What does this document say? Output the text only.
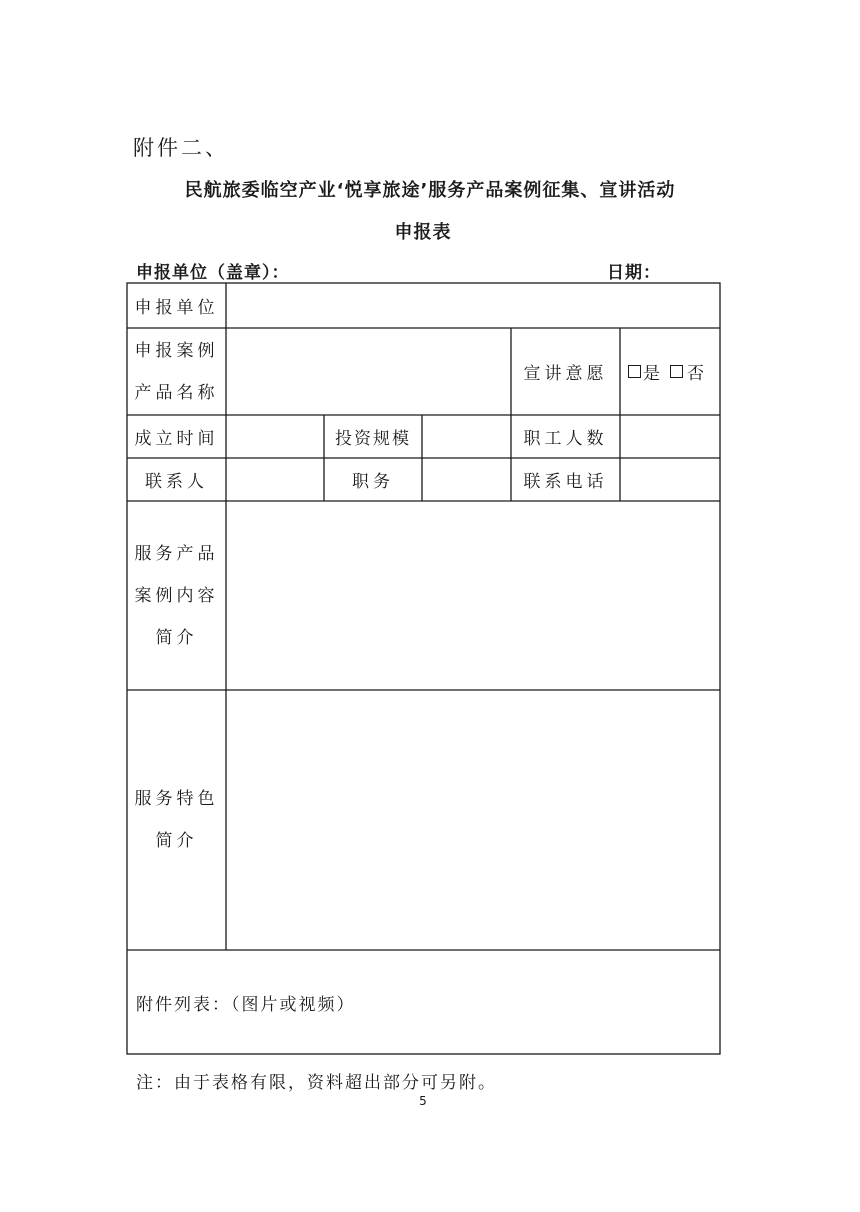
附件二、
民航旅委临空产业‘悦享旅途’服务产品案例征集、宣讲活动
申报表
申报单位（盖章）：	日期：
申报单位
申报案例
产品名称
宣讲意愿	是 否
成立时间	投资规模	职工人数
联系人	职务	联系电话
服务产品
案例内容
简介
服务特色
简介
附件列表：（图片或视频）
注：由于表格有限，资料超出部分可另附。
5
